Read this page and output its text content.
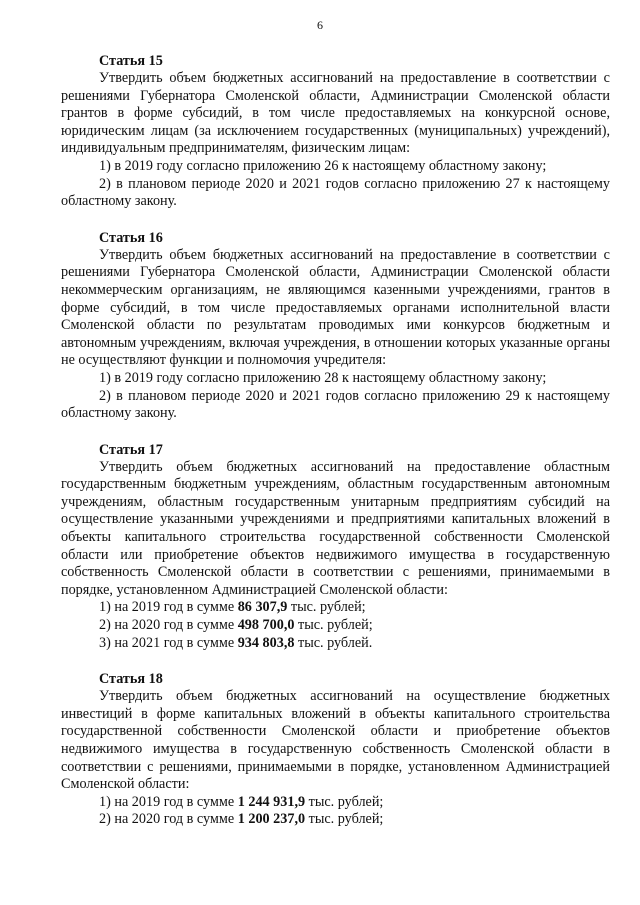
6
Статья 15

Утвердить объем бюджетных ассигнований на предоставление в соответствии с решениями Губернатора Смоленской области, Администрации Смоленской области грантов в форме субсидий, в том числе предоставляемых на конкурсной основе, юридическим лицам (за исключением государственных (муниципальных) учреждений), индивидуальным предпринимателям, физическим лицам:

1) в 2019 году согласно приложению 26 к настоящему областному закону;

2) в плановом периоде 2020 и 2021 годов согласно приложению 27 к настоящему областному закону.

Статья 16

Утвердить объем бюджетных ассигнований на предоставление в соответствии с решениями Губернатора Смоленской области, Администрации Смоленской области некоммерческим организациям, не являющимся казенными учреждениями, грантов в форме субсидий, в том числе предоставляемых органами исполнительной власти Смоленской области по результатам проводимых ими конкурсов бюджетным и автономным учреждениям, включая учреждения, в отношении которых указанные органы не осуществляют функции и полномочия учредителя:

1) в 2019 году согласно приложению 28 к настоящему областному закону;

2) в плановом периоде 2020 и 2021 годов согласно приложению 29 к настоящему областному закону.

Статья 17

Утвердить объем бюджетных ассигнований на предоставление областным государственным бюджетным учреждениям, областным государственным автономным учреждениям, областным государственным унитарным предприятиям субсидий на осуществление указанными учреждениями и предприятиями капитальных вложений в объекты капитального строительства государственной собственности Смоленской области или приобретение объектов недвижимого имущества в государственную собственность Смоленской области в соответствии с решениями, принимаемыми в порядке, установленном Администрацией Смоленской области:

1) на 2019 год в сумме 86 307,9 тыс. рублей;

2) на 2020 год в сумме 498 700,0 тыс. рублей;

3) на 2021 год в сумме 934 803,8 тыс. рублей.

Статья 18

Утвердить объем бюджетных ассигнований на осуществление бюджетных инвестиций в форме капитальных вложений в объекты капитального строительства государственной собственности Смоленской области и приобретение объектов недвижимого имущества в государственную собственность Смоленской области в соответствии с решениями, принимаемыми в порядке, установленном Администрацией Смоленской области:

1) на 2019 год в сумме 1 244 931,9 тыс. рублей;

2) на 2020 год в сумме 1 200 237,0 тыс. рублей;
